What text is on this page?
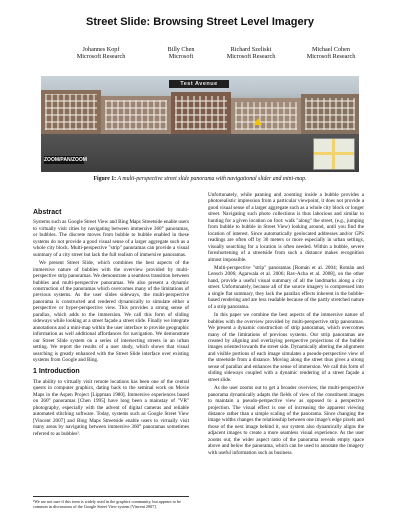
Street Slide: Browsing Street Level Imagery
Johannes Kopf
Microsoft Research
Billy Chen
Microsoft
Richard Szeliski
Microsoft Research
Michael Cohen
Microsoft Research
Test Avenue
ZOOM/PAN/ZOOM
Figure 1: A multi-perspective street slide panorama with navigational slider and mini-map.
Abstract

Systems such as Google Street View and Bing Maps Streetside enable users to virtually visit cities by navigating between immersive 360° panoramas, or bubbles. The discrete moves from bubble to bubble enabled in these systems do not provide a good visual sense of a larger aggregate such as a whole city block. Multi-perspective "strip" panoramas can provide a visual summary of a city street but lack the full realism of immersive panoramas.

We present Street Slide, which combines the best aspects of the immersive nature of bubbles with the overview provided by multi-perspective strip panoramas. We demonstrate a seamless transition between bubbles and multi-perspective panoramas. We also present a dynamic construction of the panoramas which overcomes many of the limitations of previous systems. As the user slides sideways, the multi-perspective panorama is constructed and rendered dynamically to simulate either a perspective or hyper-perspective view. This provides a strong sense of parallax, which adds to the immersion. We call this form of sliding sideways while looking at a street façade a street slide. Finally we integrate annotations and a mini-map within the user interface to provide geographic information as well additional affordances for navigation. We demonstrate our Street Slide system on a series of intersecting streets in an urban setting. We report the results of a user study, which shows that visual searching is greatly enhanced with the Street Slide interface over existing systems from Google and Bing.

1 Introduction

The ability to virtually visit remote locations has been one of the central quests in computer graphics, dating back to the seminal work on Movie Maps in the Aspen Project [Lippman 1980]. Immersive experiences based on 360° panoramas [Chen 1995] have long been a mainstay of "VR" photography, especially with the advent of digital cameras and reliable automated stitching software. Today, systems such as Google Street View [Vincent 2007] and Bing Maps Streetside enable users to virtually visit many areas by navigating between immersive 360° panoramas sometimes referred to as bubbles¹.

¹We are not sure if this term is widely used in the graphics community, but appears to be common in discussions of the Google Street View system [Vincent 2007].

Unfortunately, while panning and zooming inside a bubble provides a photorealistic impression from a particular viewpoint, it does not provide a good visual sense of a larger aggregate such as a whole city block or longer street. Navigating such photo collections is thus laborious and similar to hunting for a given location on foot: walk "along" the street, (e.g., jumping from bubble to bubble in Street View) looking around, until you find the location of interest. Since automatically geolocated addresses and/or GPS readings are often off by 30 meters or more especially in urban settings, visually searching for a location is often needed. Within a bubble, severe foreshortening of a streetside from such a distance makes recognition almost impossible.

Multi-perspective "strip" panoramas [Román et al. 2004; Román and Lensch 2006; Agarwala et al. 2006; Rav-Acha et al. 2008], on the other hand, provide a useful visual summary of all the landmarks along a city street. Unfortunately, because all of the source imagery is compressed into a single flat summary, they lack the parallax effects inherent in the bubble-based rendering and are less readable because of the partly stretched nature of a strip panorama.

In this paper we combine the best aspects of the immersive nature of bubbles with the overview provided by multi-perspective strip panoramas. We present a dynamic construction of strip panoramas, which overcomes many of the limitations of previous systems. Our strip panoramas are created by aligning and overlaying perspective projections of the bubble images oriented towards the street side. Dynamically altering the alignment and visible portions of each image simulates a pseudo-perspective view of the streetside from a distance. Moving along the street thus gives a strong sense of parallax and enhances the sense of immersion. We call this form of sliding sideways coupled with a dynamic rendering of a street façade a street slide.

As the user zooms out to get a broader overview, the multi-perspective panorama dynamically adapts the fields of view of the constituent images to maintain a pseudo-perspective view as opposed to a perspective projection. The visual effect is one of increasing the apparent viewing distance rather than a simple scaling of the panorama. Since changing the image widths changes the relationship between one image's edge pixels and those of the next image behind it, our system also dynamically aligns the adjacent images to create a more seamless visual experience. As the user zooms out, the wider aspect ratio of the panorama reveals empty space above and below the panorama, which can be used to annotate the imagery with useful information such as business.
